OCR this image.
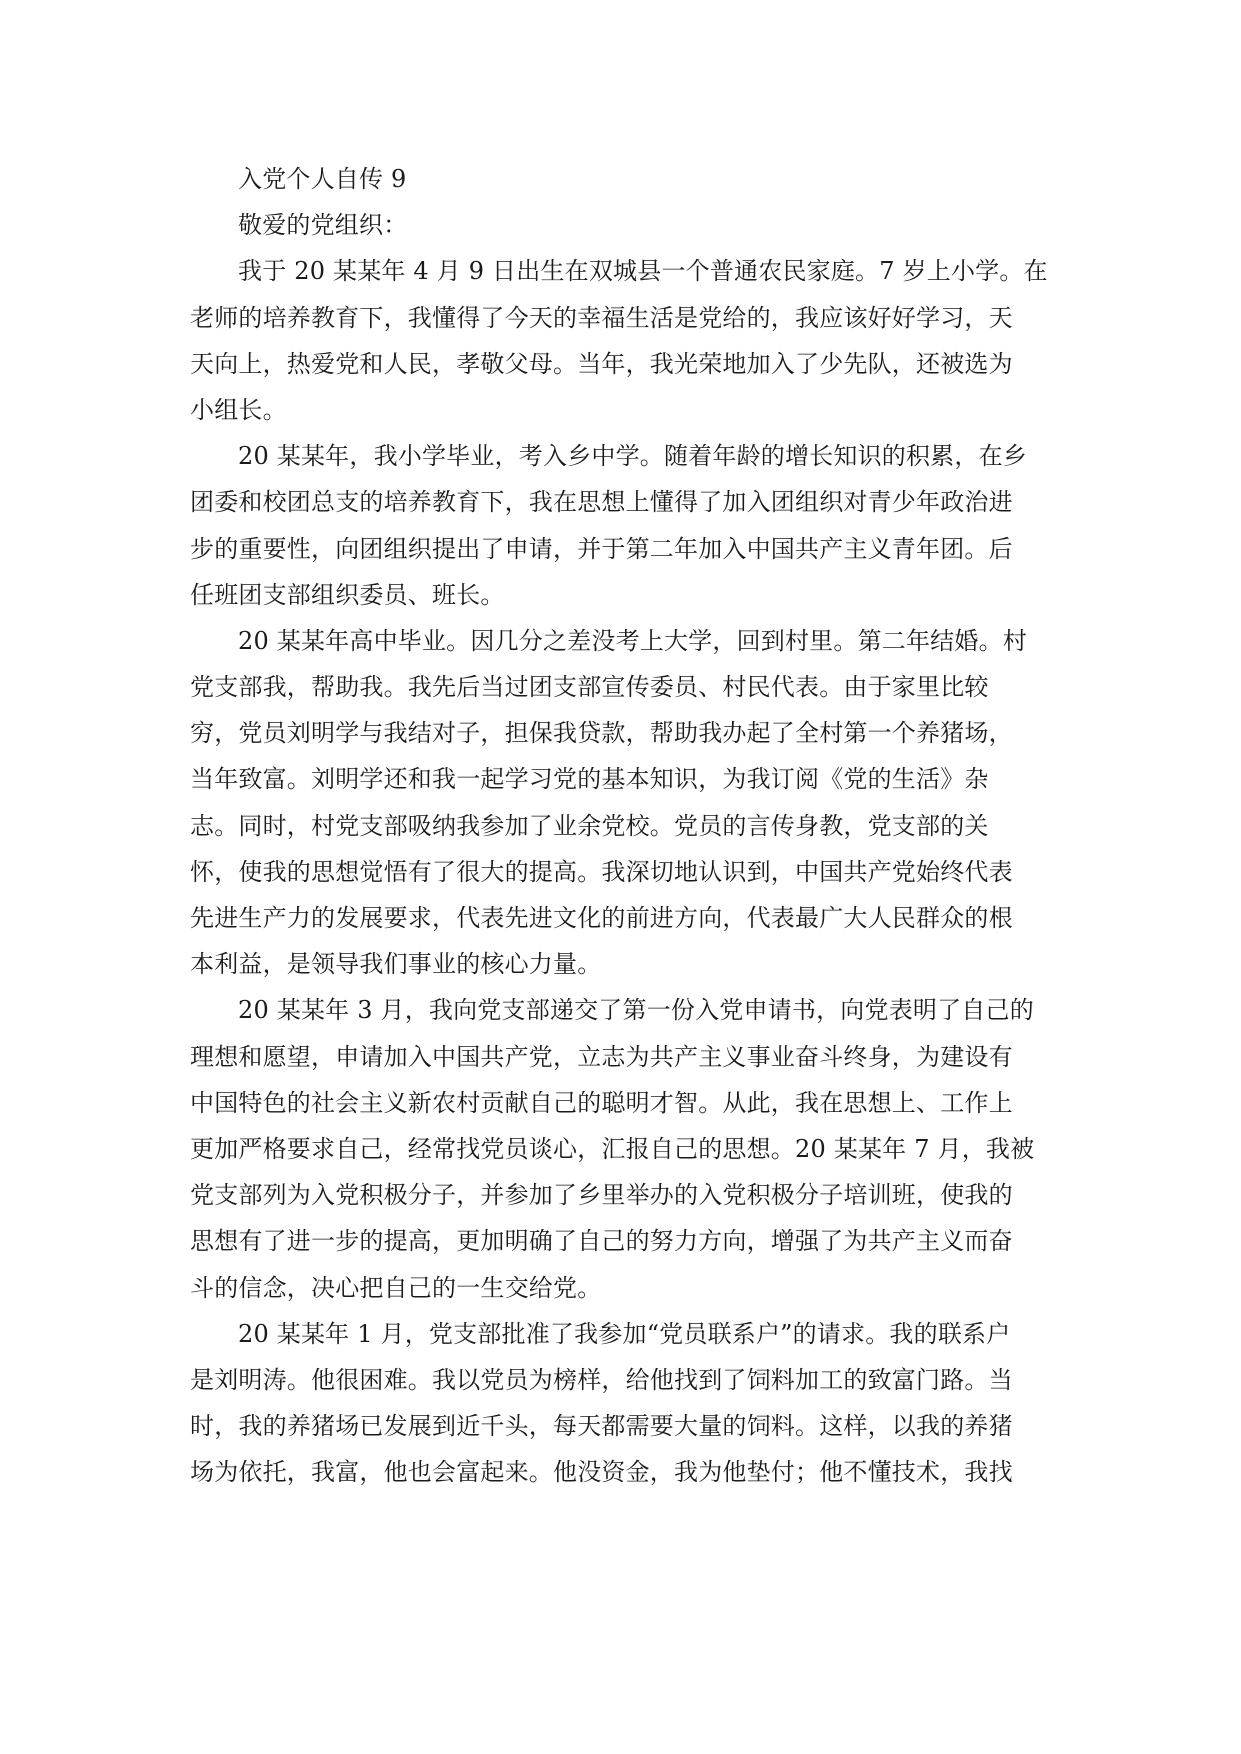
入党个人自传 9
敬爱的党组织：
我于 20 某某年 4 月 9 日出生在双城县一个普通农民家庭。7 岁上小学。在
老师的培养教育下，我懂得了今天的幸福生活是党给的，我应该好好学习，天
天向上，热爱党和人民，孝敬父母。当年，我光荣地加入了少先队，还被选为
小组长。
20 某某年，我小学毕业，考入乡中学。随着年龄的增长知识的积累，在乡
团委和校团总支的培养教育下，我在思想上懂得了加入团组织对青少年政治进
步的重要性，向团组织提出了申请，并于第二年加入中国共产主义青年团。后
任班团支部组织委员、班长。
20 某某年高中毕业。因几分之差没考上大学，回到村里。第二年结婚。村
党支部我，帮助我。我先后当过团支部宣传委员、村民代表。由于家里比较
穷，党员刘明学与我结对子，担保我贷款，帮助我办起了全村第一个养猪场，
当年致富。刘明学还和我一起学习党的基本知识，为我订阅《党的生活》杂
志。同时，村党支部吸纳我参加了业余党校。党员的言传身教，党支部的关
怀，使我的思想觉悟有了很大的提高。我深切地认识到，中国共产党始终代表
先进生产力的发展要求，代表先进文化的前进方向，代表最广大人民群众的根
本利益，是领导我们事业的核心力量。
20 某某年 3 月，我向党支部递交了第一份入党申请书，向党表明了自己的
理想和愿望，申请加入中国共产党，立志为共产主义事业奋斗终身，为建设有
中国特色的社会主义新农村贡献自己的聪明才智。从此，我在思想上、工作上
更加严格要求自己，经常找党员谈心，汇报自己的思想。20 某某年 7 月，我被
党支部列为入党积极分子，并参加了乡里举办的入党积极分子培训班，使我的
思想有了进一步的提高，更加明确了自己的努力方向，增强了为共产主义而奋
斗的信念，决心把自己的一生交给党。
20 某某年 1 月，党支部批准了我参加“党员联系户”的请求。我的联系户
是刘明涛。他很困难。我以党员为榜样，给他找到了饲料加工的致富门路。当
时，我的养猪场已发展到近千头，每天都需要大量的饲料。这样，以我的养猪
场为依托，我富，他也会富起来。他没资金，我为他垫付；他不懂技术，我找
